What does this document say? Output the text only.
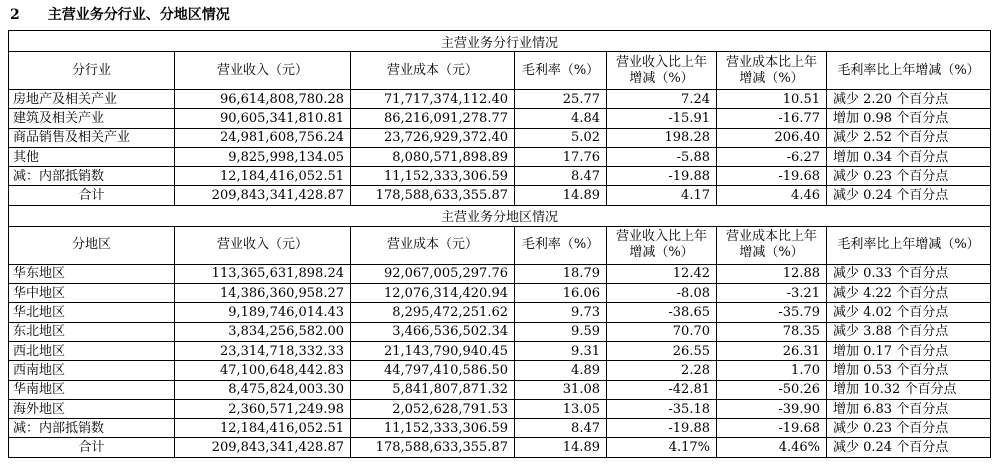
2　　主营业务分行业、分地区情况
主营业务分行业情况						
分行业	营业收入（元）	营业成本（元）	毛利率（%）	营业收入比上年增减（%）	营业成本比上年增减（%）	毛利率比上年增减（%）
房地产及相关产业	96,614,808,780.28	71,717,374,112.40	25.77	7.24	10.51	减少 2.20 个百分点
建筑及相关产业	90,605,341,810.81	86,216,091,278.77	4.84	-15.91	-16.77	增加 0.98 个百分点
商品销售及相关产业	24,981,608,756.24	23,726,929,372.40	5.02	198.28	206.40	减少 2.52 个百分点
其他	9,825,998,134.05	8,080,571,898.89	17.76	-5.88	-6.27	增加 0.34 个百分点
减：内部抵销数	12,184,416,052.51	11,152,333,306.59	8.47	-19.88	-19.68	减少 0.23 个百分点
合计	209,843,341,428.87	178,588,633,355.87	14.89	4.17	4.46	减少 0.24 个百分点
主营业务分地区情况						
分地区	营业收入（元）	营业成本（元）	毛利率（%）	营业收入比上年增减（%）	营业成本比上年增减（%）	毛利率比上年增减（%）
华东地区	113,365,631,898.24	92,067,005,297.76	18.79	12.42	12.88	减少 0.33 个百分点
华中地区	14,386,360,958.27	12,076,314,420.94	16.06	-8.08	-3.21	减少 4.22 个百分点
华北地区	9,189,746,014.43	8,295,472,251.62	9.73	-38.65	-35.79	减少 4.02 个百分点
东北地区	3,834,256,582.00	3,466,536,502.34	9.59	70.70	78.35	减少 3.88 个百分点
西北地区	23,314,718,332.33	21,143,790,940.45	9.31	26.55	26.31	增加 0.17 个百分点
西南地区	47,100,648,442.83	44,797,410,586.50	4.89	2.28	1.70	增加 0.53 个百分点
华南地区	8,475,824,003.30	5,841,807,871.32	31.08	-42.81	-50.26	增加 10.32 个百分点
海外地区	2,360,571,249.98	2,052,628,791.53	13.05	-35.18	-39.90	增加 6.83 个百分点
减：内部抵销数	12,184,416,052.51	11,152,333,306.59	8.47	-19.88	-19.68	减少 0.23 个百分点
合计	209,843,341,428.87	178,588,633,355.87	14.89	4.17%	4.46%	减少 0.24 个百分点
